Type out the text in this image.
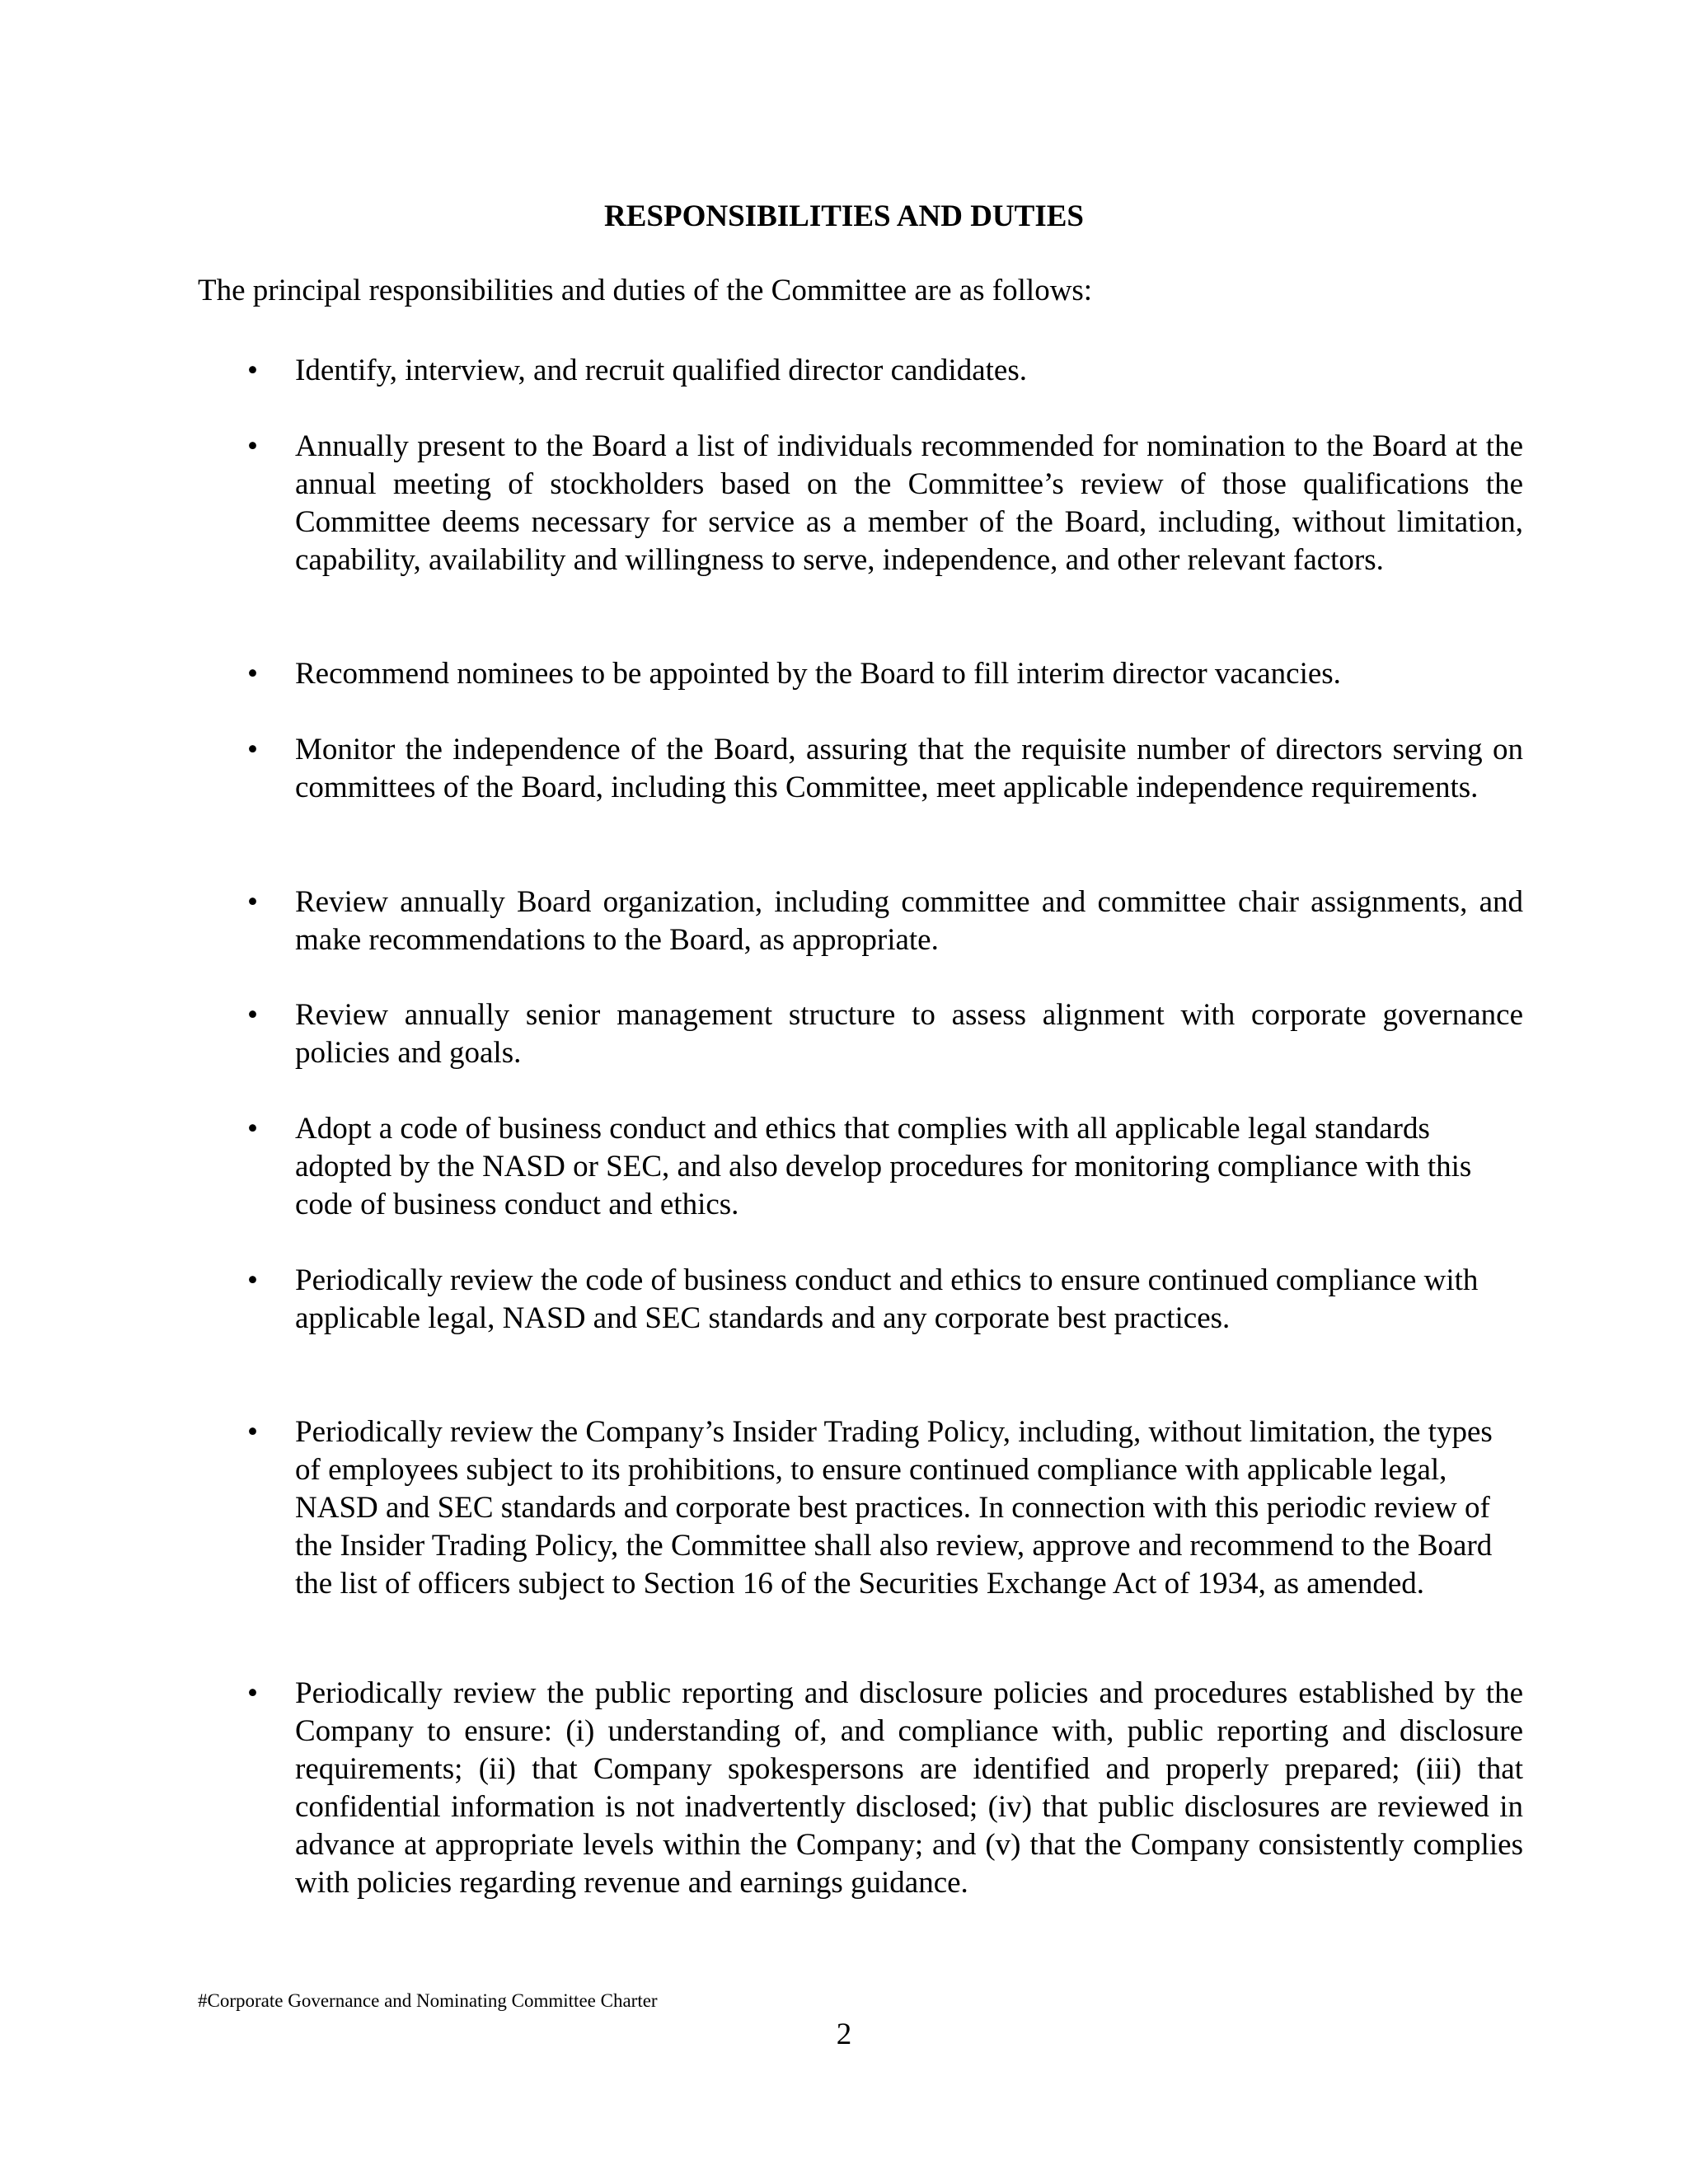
RESPONSIBILITIES AND DUTIES

The principal responsibilities and duties of the Committee are as follows:

•	Identify, interview, and recruit qualified director candidates.
•	Annually present to the Board a list of individuals recommended for nomination to the Board at the annual meeting of stockholders based on the Committee’s review of those qualifications the Committee deems necessary for service as a member of the Board, including, without limitation, capability, availability and willingness to serve, independence, and other relevant factors.
•	Recommend nominees to be appointed by the Board to fill interim director vacancies.
•	Monitor the independence of the Board, assuring that the requisite number of directors serving on committees of the Board, including this Committee, meet applicable independence requirements.
•	Review annually Board organization, including committee and committee chair assignments, and make recommendations to the Board, as appropriate.
•	Review annually senior management structure to assess alignment with corporate governance policies and goals.
•	Adopt a code of business conduct and ethics that complies with all applicable legal standards adopted by the NASD or SEC, and also develop procedures for monitoring compliance with this code of business conduct and ethics.
•	Periodically review the code of business conduct and ethics to ensure continued compliance with applicable legal, NASD and SEC standards and any corporate best practices.
•	Periodically review the Company’s Insider Trading Policy, including, without limitation, the types of employees subject to its prohibitions, to ensure continued compliance with applicable legal, NASD and SEC standards and corporate best practices. In connection with this periodic review of the Insider Trading Policy, the Committee shall also review, approve and recommend to the Board the list of officers subject to Section 16 of the Securities Exchange Act of 1934, as amended.
•	Periodically review the public reporting and disclosure policies and procedures established by the Company to ensure: (i) understanding of, and compliance with, public reporting and disclosure requirements; (ii) that Company spokespersons are identified and properly prepared; (iii) that confidential information is not inadvertently disclosed; (iv) that public disclosures are reviewed in advance at appropriate levels within the Company; and (v) that the Company consistently complies with policies regarding revenue and earnings guidance.

#Corporate Governance and Nominating Committee Charter

2
